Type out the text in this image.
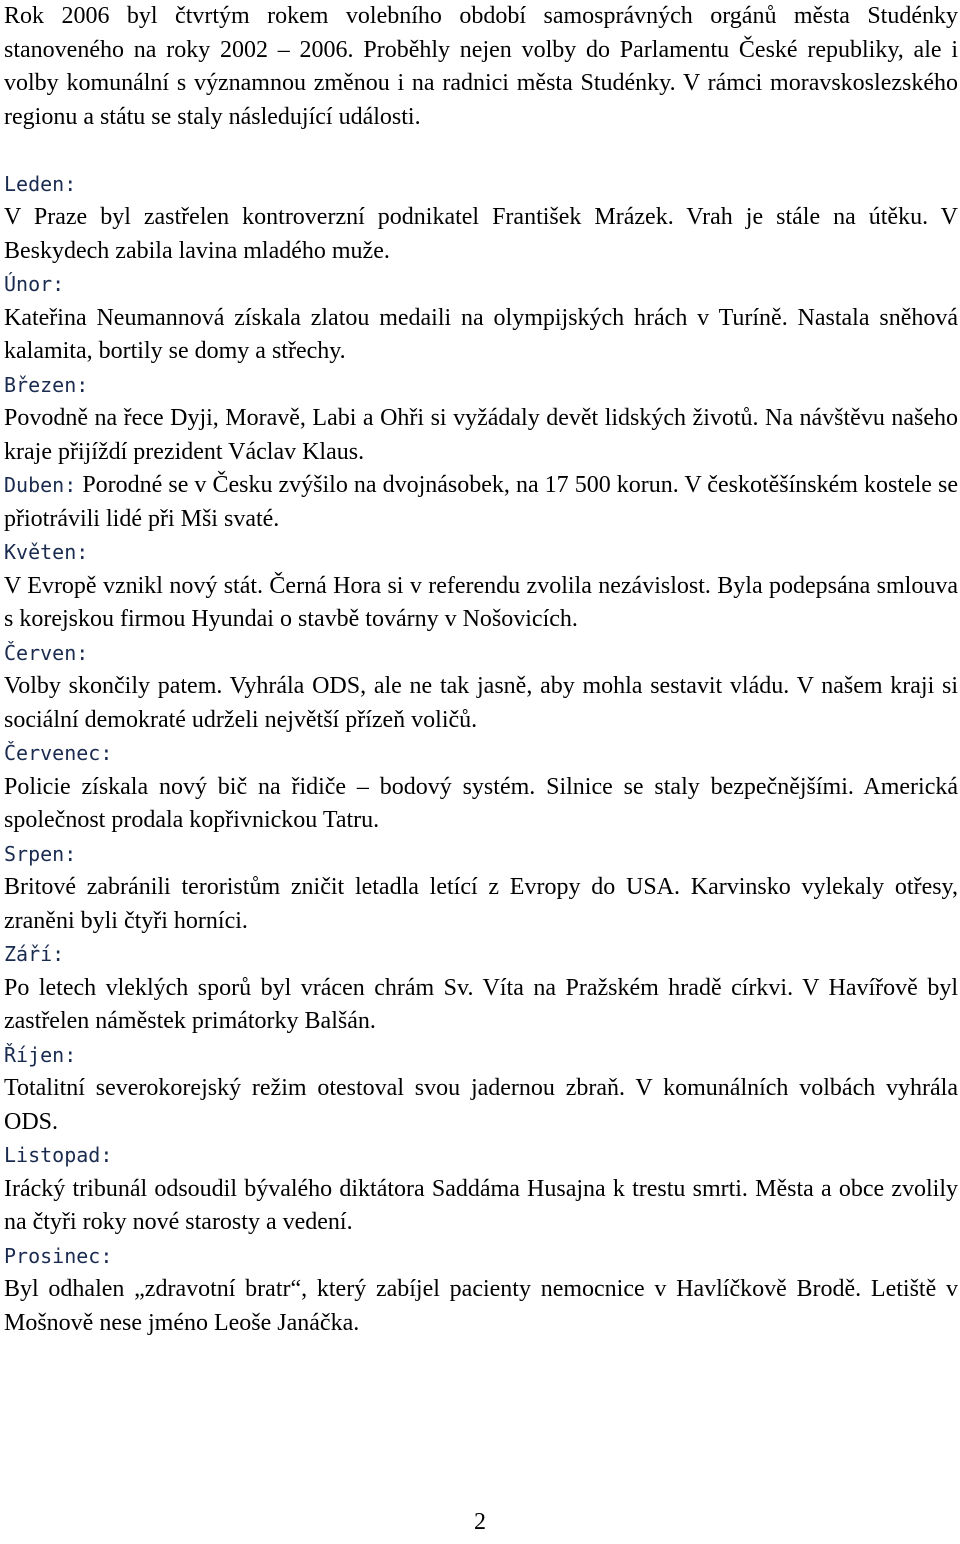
Rok 2006 byl čtvrtým rokem volebního období samosprávných orgánů města Studénky stanoveného na roky 2002 – 2006. Proběhly nejen volby do Parlamentu České republiky, ale i volby komunální s významnou změnou i na radnici města Studénky. V rámci moravskoslezského regionu a státu se staly následující události.

Leden:

V Praze byl zastřelen kontroverzní podnikatel František Mrázek. Vrah je stále na útěku. V Beskydech zabila lavina mladého muže.

Únor:

Kateřina Neumannová získala zlatou medaili na olympijských hrách v Turíně. Nastala sněhová kalamita, bortily se domy a střechy.

Březen:

Povodně na řece Dyji, Moravě, Labi a Ohři si vyžádaly devět lidských životů. Na návštěvu našeho kraje přijíždí prezident Václav Klaus.

Duben: Porodné se v Česku zvýšilo na dvojnásobek, na 17 500 korun. V českotěšínském kostele se přiotrávili lidé při Mši svaté.

Květen:

V Evropě vznikl nový stát. Černá Hora si v referendu zvolila nezávislost. Byla podepsána smlouva s korejskou firmou Hyundai o stavbě továrny v Nošovicích.

Červen:

Volby skončily patem. Vyhrála ODS, ale ne tak jasně, aby mohla sestavit vládu. V našem kraji si sociální demokraté udrželi největší přízeň voličů.

Červenec:

Policie získala nový bič na řidiče – bodový systém. Silnice se staly bezpečnějšími. Americká společnost prodala kopřivnickou Tatru.

Srpen:

Britové zabránili teroristům zničit letadla letící z Evropy do USA. Karvinsko vylekaly otřesy, zraněni byli čtyři horníci.

Září:

Po letech vleklých sporů byl vrácen chrám Sv. Víta na Pražském hradě církvi. V Havířově byl zastřelen náměstek primátorky Balšán.

Říjen:

Totalitní severokorejský režim otestoval svou jadernou zbraň. V komunálních volbách vyhrála ODS.

Listopad:

Irácký tribunál odsoudil bývalého diktátora Saddáma Husajna k trestu smrti. Města a obce zvolily na čtyři roky nové starosty a vedení.

Prosinec:

Byl odhalen „zdravotní bratr“, který zabíjel pacienty nemocnice v Havlíčkově Brodě. Letiště v Mošnově nese jméno Leoše Janáčka.

2
